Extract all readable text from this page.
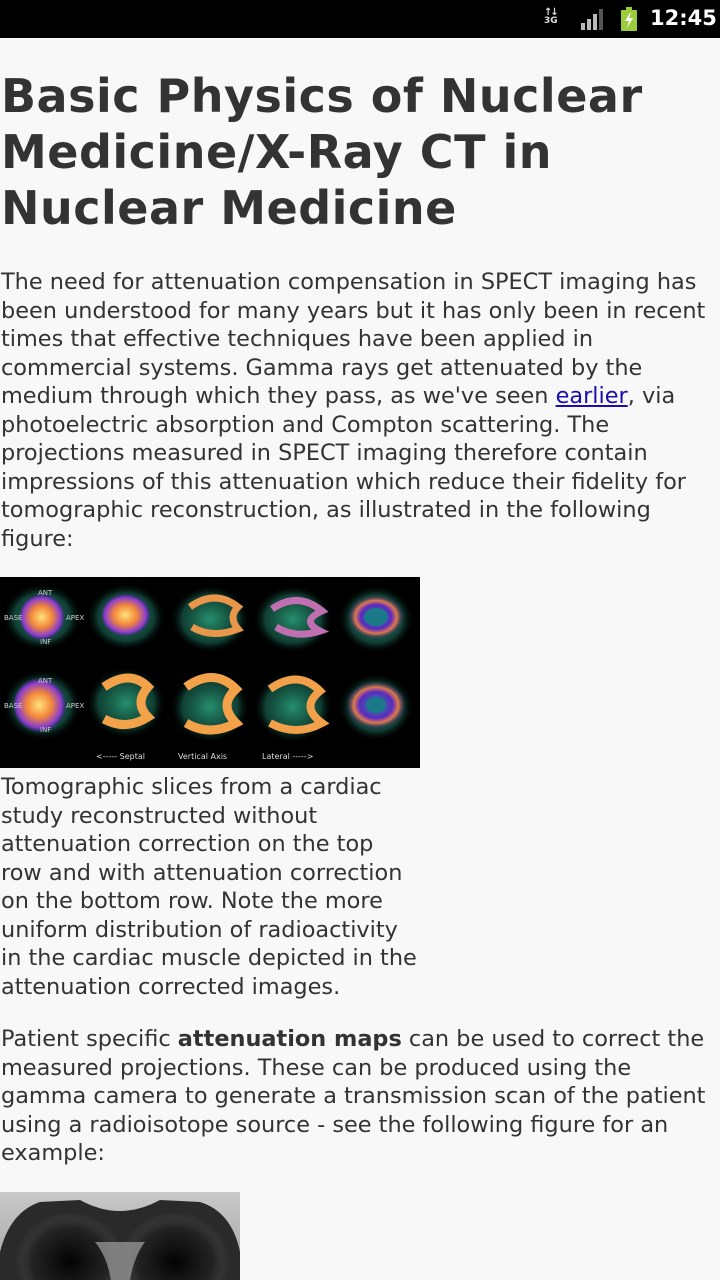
↑↓
3G	12:45
Basic Physics of Nuclear Medicine/X-Ray CT in Nuclear Medicine

The need for attenuation compensation in SPECT imaging has been understood for many years but it has only been in recent times that effective techniques have been applied in commercial systems. Gamma rays get attenuated by the medium through which they pass, as we've seen earlier, via photoelectric absorption and Compton scattering. The projections measured in SPECT imaging therefore contain impressions of this attenuation which reduce their fidelity for tomographic reconstruction, as illustrated in the following figure:

ANT
BASE	APEX
INF
ANT
BASE	APEX
INF
<----- Septal	Vertical Axis	Lateral ----->

Tomographic slices from a cardiac study reconstructed without attenuation correction on the top row and with attenuation correction on the bottom row. Note the more uniform distribution of radioactivity in the cardiac muscle depicted in the attenuation corrected images.

Patient specific attenuation maps can be used to correct the measured projections. These can be produced using the gamma camera to generate a transmission scan of the patient using a radioisotope source - see the following figure for an example:
